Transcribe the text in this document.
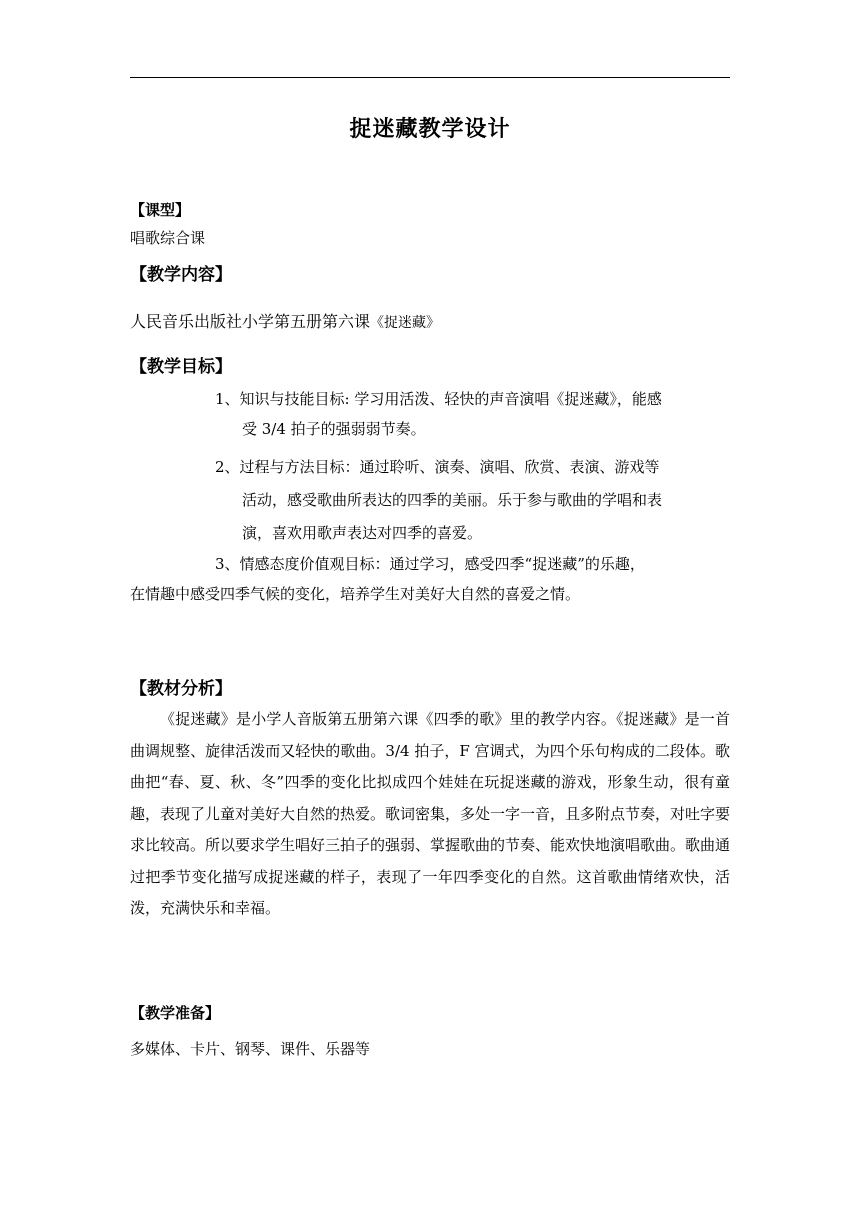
捉迷藏教学设计
【课型】
唱歌综合课
【教学内容】
人民音乐出版社小学第五册第六课《捉迷藏》
【教学目标】
1、知识与技能目标: 学习用活泼、轻快的声音演唱《捉迷藏》，能感
受 3/4 拍子的强弱弱节奏。
2、过程与方法目标：通过聆听、演奏、演唱、欣赏、表演、游戏等
活动，感受歌曲所表达的四季的美丽。乐于参与歌曲的学唱和表
演，喜欢用歌声表达对四季的喜爱。
3、情感态度价值观目标：通过学习，感受四季“捉迷藏”的乐趣，
在情趣中感受四季气候的变化，培养学生对美好大自然的喜爱之情。
【教材分析】
《捉迷藏》是小学人音版第五册第六课《四季的歌》里的教学内容。《捉迷藏》是一首曲调规整、旋律活泼而又轻快的歌曲。3/4 拍子，F 宫调式，为四个乐句构成的二段体。歌曲把“春、夏、秋、冬”四季的变化比拟成四个娃娃在玩捉迷藏的游戏，形象生动，很有童趣，表现了儿童对美好大自然的热爱。歌词密集，多处一字一音，且多附点节奏，对吐字要求比较高。所以要求学生唱好三拍子的强弱、掌握歌曲的节奏、能欢快地演唱歌曲。歌曲通过把季节变化描写成捉迷藏的样子，表现了一年四季变化的自然。这首歌曲情绪欢快，活泼，充满快乐和幸福。
【教学准备】
多媒体、卡片、钢琴、课件、乐器等
